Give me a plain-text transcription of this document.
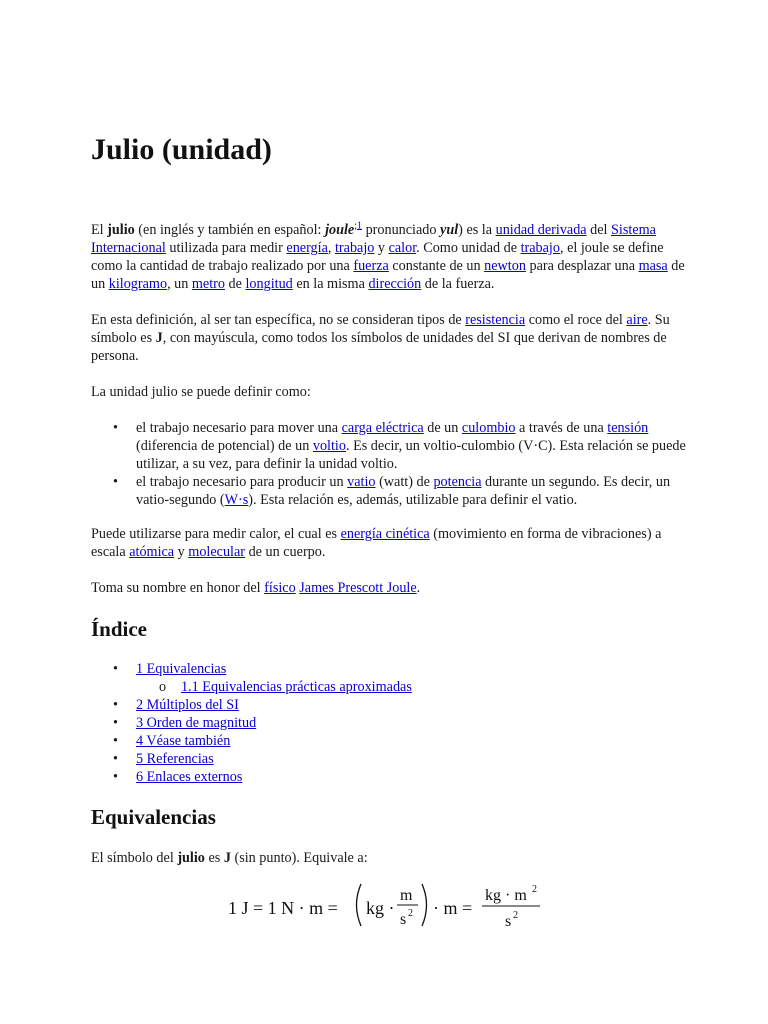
Julio (unidad)

El julio (en inglés y también en español: joule$^{;1}$ pronunciado yul) es la unidad derivada del Sistema Internacional utilizada para medir energía, trabajo y calor. Como unidad de trabajo, el joule se define como la cantidad de trabajo realizado por una fuerza constante de un newton para desplazar una masa de un kilogramo, un metro de longitud en la misma dirección de la fuerza.

En esta definición, al ser tan específica, no se consideran tipos de resistencia como el roce del aire. Su símbolo es J, con mayúscula, como todos los símbolos de unidades del SI que derivan de nombres de persona.

La unidad julio se puede definir como:

• el trabajo necesario para mover una carga eléctrica de un culombio a través de una tensión (diferencia de potencial) de un voltio. Es decir, un voltio-culombio (V·C). Esta relación se puede utilizar, a su vez, para definir la unidad voltio.
• el trabajo necesario para producir un vatio (watt) de potencia durante un segundo. Es decir, un vatio-segundo (W·s). Esta relación es, además, utilizable para definir el vatio.

Puede utilizarse para medir calor, el cual es energía cinética (movimiento en forma de vibraciones) a escala atómica y molecular de un cuerpo.

Toma su nombre en honor del físico James Prescott Joule.

Índice
• 1 Equivalencias
o 1.1 Equivalencias prácticas aproximadas
• 2 Múltiplos del SI
• 3 Orden de magnitud
• 4 Véase también
• 5 Referencias
• 6 Enlaces externos
Equivalencias

El símbolo del julio es J (sin punto). Equivale a:

1 J = 1 N · m = kg ·
m
s 2 · m =
kg · m 2
s 2
